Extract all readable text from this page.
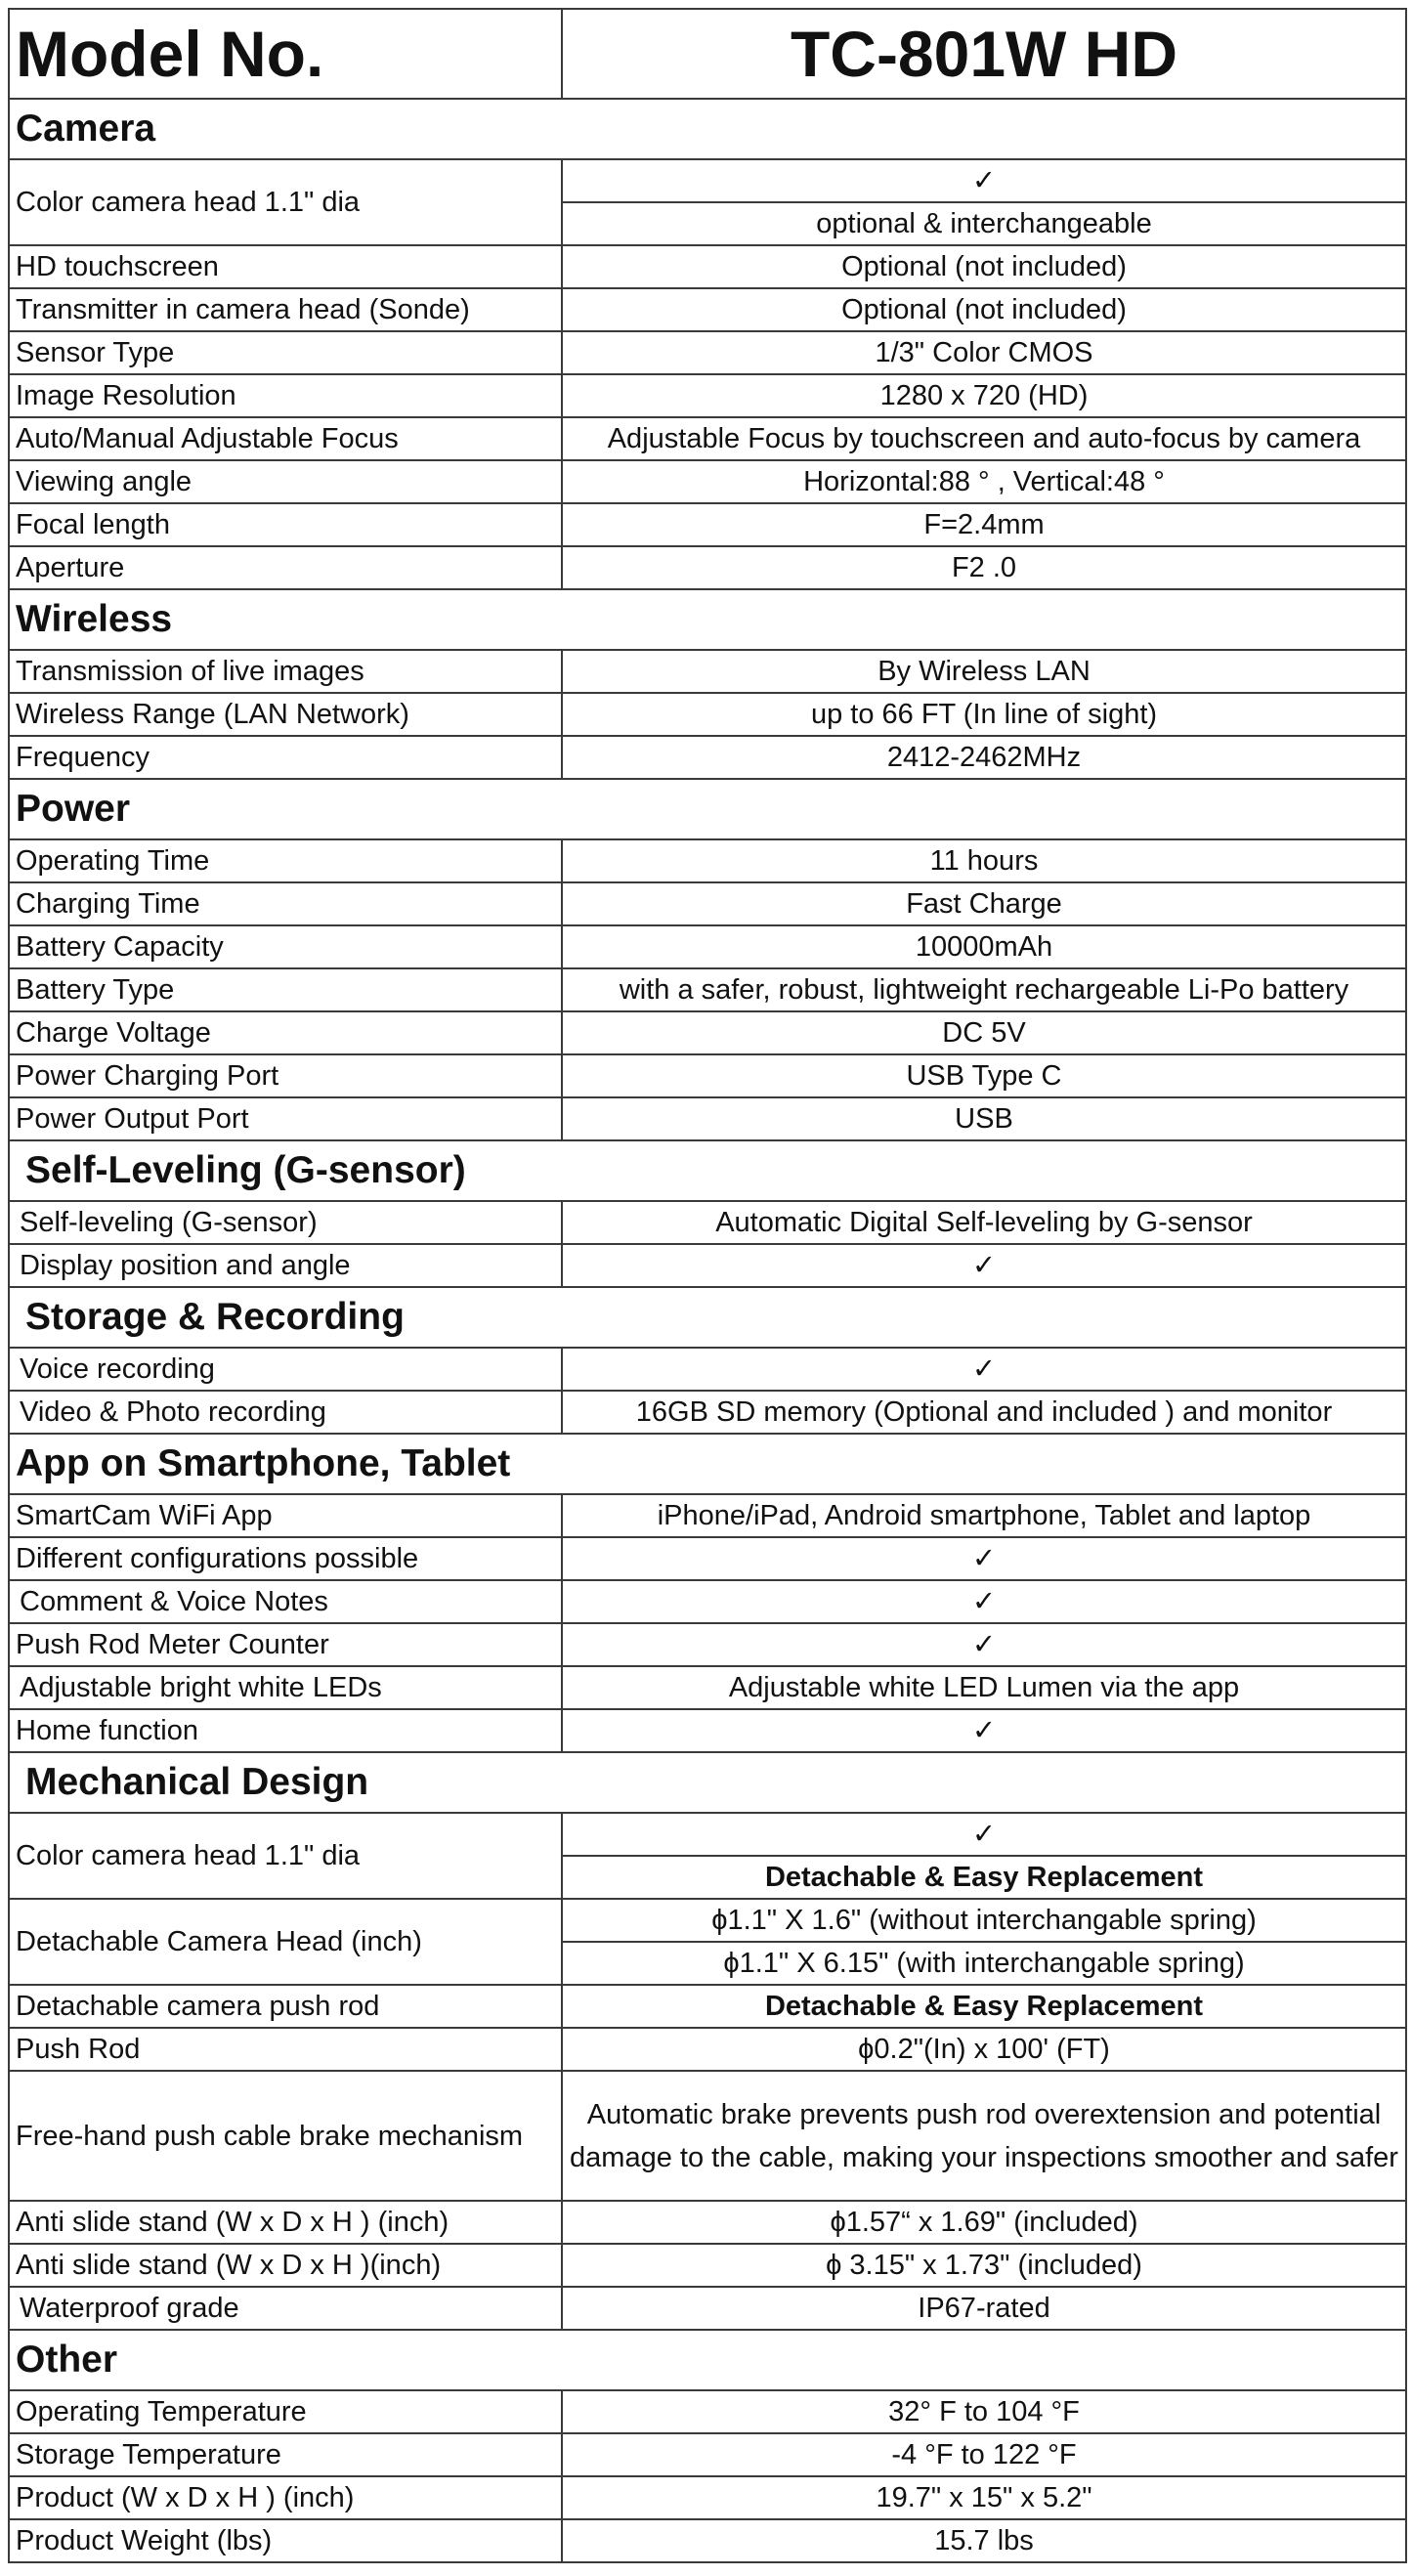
Model No.	TC-801W HD
Camera	
Color camera head 1.1" dia	✓
	optional & interchangeable
HD touchscreen	Optional (not included)
Transmitter in camera head (Sonde)	Optional (not included)
Sensor Type	1/3" Color CMOS
Image Resolution	1280 x 720 (HD)
Auto/Manual Adjustable Focus	Adjustable Focus by touchscreen and auto-focus by camera
Viewing angle	Horizontal:88 ° , Vertical:48 °
Focal length	F=2.4mm
Aperture	F2 .0
Wireless	
Transmission of live images	By Wireless LAN
Wireless Range (LAN Network)	up to 66 FT (In line of sight)
Frequency	2412-2462MHz
Power	
Operating Time	11 hours
Charging Time	Fast Charge
Battery Capacity	10000mAh
Battery Type	with a safer, robust, lightweight rechargeable Li-Po battery
Charge Voltage	DC 5V
Power Charging Port	USB Type C
Power Output Port	USB
Self-Leveling (G-sensor)	
Self-leveling (G-sensor)	Automatic Digital Self-leveling by G-sensor
Display position and angle	✓
Storage & Recording	
Voice recording	✓
Video & Photo recording	16GB SD memory (Optional and included ) and monitor
App on Smartphone, Tablet	
SmartCam WiFi App	iPhone/iPad, Android smartphone, Tablet and laptop
Different configurations possible	✓
Comment & Voice Notes	✓
Push Rod Meter Counter	✓
Adjustable bright white LEDs	Adjustable white LED Lumen via the app
Home function	✓
Mechanical Design	
Color camera head 1.1" dia	✓
	Detachable & Easy Replacement
Detachable Camera Head (inch)	ϕ1.1" X 1.6" (without interchangable spring)
	ϕ1.1" X 6.15" (with interchangable spring)
Detachable camera push rod	Detachable & Easy Replacement
Push Rod	ϕ0.2"(In) x 100' (FT)
Free-hand push cable brake mechanism	Automatic brake prevents push rod overextension and potential damage to the cable, making your inspections smoother and safer
Anti slide stand (W x D x H ) (inch)	ϕ1.57“ x 1.69" (included)
Anti slide stand (W x D x H )(inch)	ϕ 3.15" x 1.73" (included)
Waterproof grade	IP67-rated
Other	
Operating Temperature	32° F to 104 °F
Storage Temperature	-4 °F to 122 °F
Product (W x D x H ) (inch)	19.7" x 15" x 5.2"
Product Weight (lbs)	15.7 lbs
